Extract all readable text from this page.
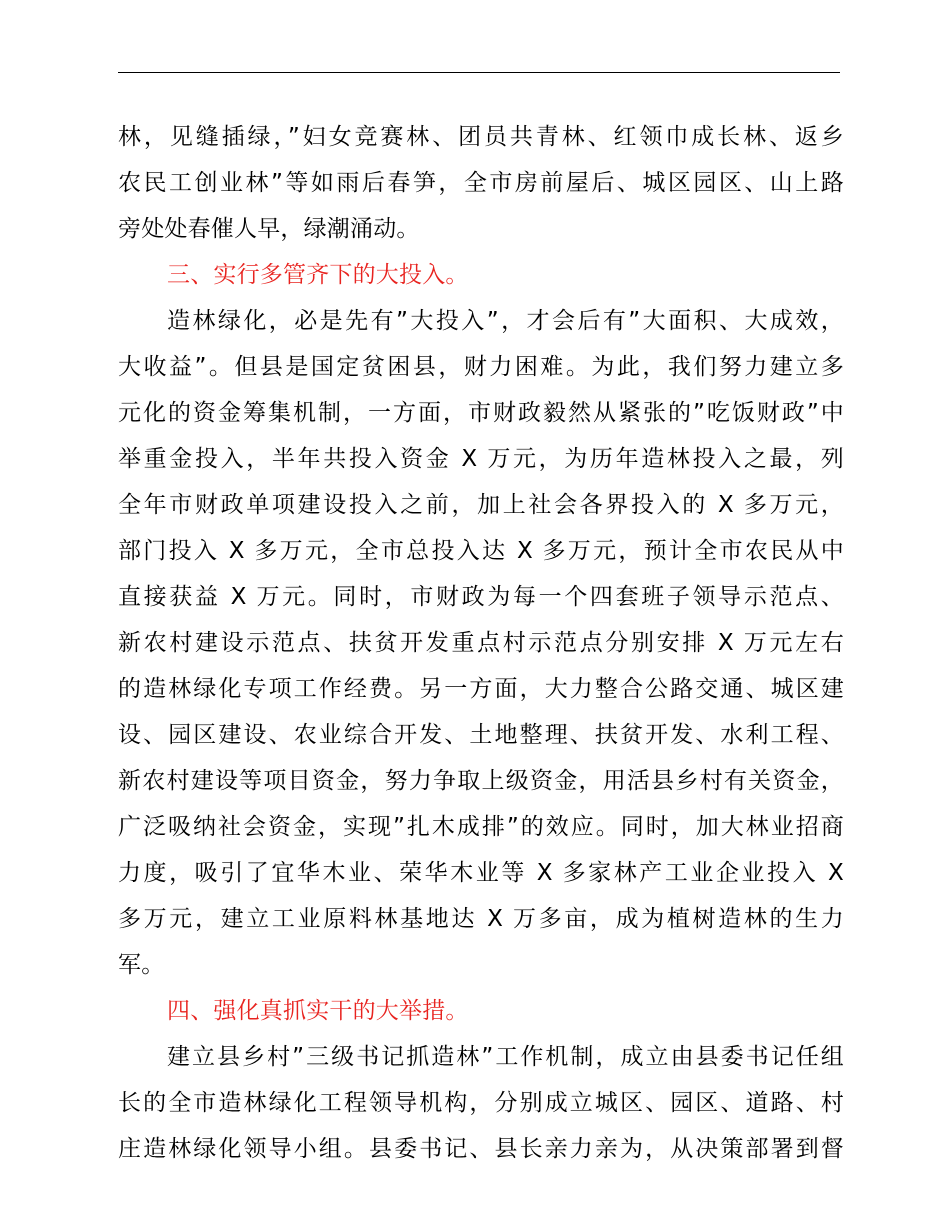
林，见缝插绿，”妇女竞赛林、团员共青林、红领巾成长林、返乡
农民工创业林”等如雨后春笋，全市房前屋后、城区园区、山上路
旁处处春催人早，绿潮涌动。
三、实行多管齐下的大投入。
造林绿化，必是先有”大投入”，才会后有”大面积、大成效，
大收益”。但县是国定贫困县，财力困难。为此，我们努力建立多
元化的资金筹集机制，一方面，市财政毅然从紧张的”吃饭财政”中
举重金投入，半年共投入资金 X 万元，为历年造林投入之最，列
全年市财政单项建设投入之前，加上社会各界投入的 X 多万元，
部门投入 X 多万元，全市总投入达 X 多万元，预计全市农民从中
直接获益 X 万元。同时，市财政为每一个四套班子领导示范点、
新农村建设示范点、扶贫开发重点村示范点分别安排 X 万元左右
的造林绿化专项工作经费。另一方面，大力整合公路交通、城区建
设、园区建设、农业综合开发、土地整理、扶贫开发、水利工程、
新农村建设等项目资金，努力争取上级资金，用活县乡村有关资金，
广泛吸纳社会资金，实现”扎木成排”的效应。同时，加大林业招商
力度，吸引了宜华木业、荣华木业等 X 多家林产工业企业投入 X
多万元，建立工业原料林基地达 X 万多亩，成为植树造林的生力
军。
四、强化真抓实干的大举措。
建立县乡村”三级书记抓造林”工作机制，成立由县委书记任组
长的全市造林绿化工程领导机构，分别成立城区、园区、道路、村
庄造林绿化领导小组。县委书记、县长亲力亲为，从决策部署到督
